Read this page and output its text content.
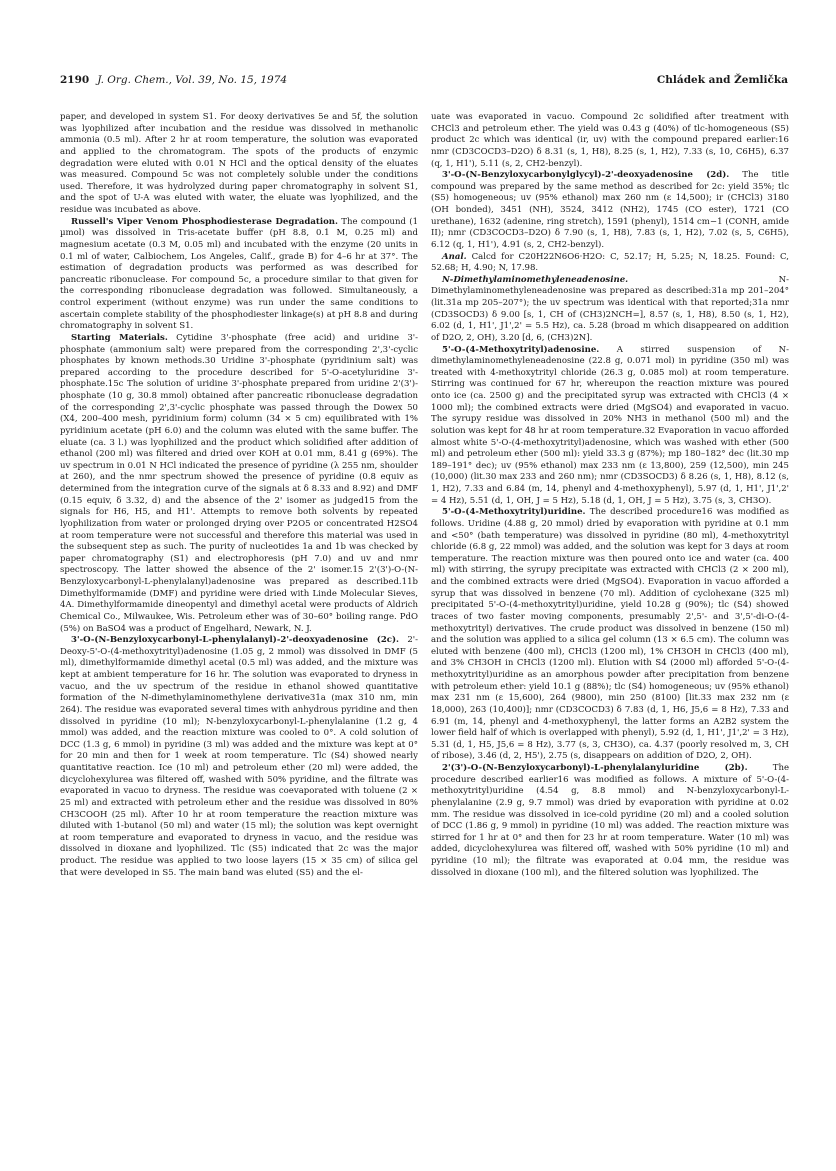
2190 J. Org. Chem., Vol. 39, No. 15, 1974	Chládek and Žemlička

paper, and developed in system S1. For deoxy derivatives 5e and 5f, the solution was lyophilized after incubation and the residue was dissolved in methanolic ammonia (0.5 ml). After 2 hr at room temperature, the solution was evaporated and applied to the chromatogram. The spots of the products of enzymic degradation were eluted with 0.01 N HCl and the optical density of the eluates was measured. Compound 5c was not completely soluble under the conditions used. Therefore, it was hydrolyzed during paper chromatography in solvent S1, and the spot of U-A was eluted with water, the eluate was lyophilized, and the residue was incubated as above.

Russell's Viper Venom Phosphodiesterase Degradation. The compound (1 µmol) was dissolved in Tris-acetate buffer (pH 8.8, 0.1 M, 0.25 ml) and magnesium acetate (0.3 M, 0.05 ml) and incubated with the enzyme (20 units in 0.1 ml of water, Calbiochem, Los Angeles, Calif., grade B) for 4–6 hr at 37°. The estimation of degradation products was performed as was described for pancreatic ribonuclease. For compound 5c, a procedure similar to that given for the corresponding ribonuclease degradation was followed. Simultaneously, a control experiment (without enzyme) was run under the same conditions to ascertain complete stability of the phosphodiester linkage(s) at pH 8.8 and during chromatography in solvent S1.

Starting Materials. Cytidine 3'-phosphate (free acid) and uridine 3'-phosphate (ammonium salt) were prepared from the corresponding 2',3'-cyclic phosphates by known methods.30 Uridine 3'-phosphate (pyridinium salt) was prepared according to the procedure described for 5'-O-acetyluridine 3'-phosphate.15c The solution of uridine 3'-phosphate prepared from uridine 2'(3')-phosphate (10 g, 30.8 mmol) obtained after pancreatic ribonuclease degradation of the corresponding 2',3'-cyclic phosphate was passed through the Dowex 50 (X4, 200–400 mesh, pyridinium form) column (34 × 5 cm) equilibrated with 1% pyridinium acetate (pH 6.0) and the column was eluted with the same buffer. The eluate (ca. 3 l.) was lyophilized and the product which solidified after addition of ethanol (200 ml) was filtered and dried over KOH at 0.01 mm, 8.41 g (69%). The uv spectrum in 0.01 N HCl indicated the presence of pyridine (λ 255 nm, shoulder at 260), and the nmr spectrum showed the presence of pyridine (0.8 equiv as determined from the integration curve of the signals at δ 8.33 and 8.92) and DMF (0.15 equiv, δ 3.32, d) and the absence of the 2' isomer as judged15 from the signals for H6, H5, and H1'. Attempts to remove both solvents by repeated lyophilization from water or prolonged drying over P2O5 or concentrated H2SO4 at room temperature were not successful and therefore this material was used in the subsequent step as such. The purity of nucleotides 1a and 1b was checked by paper chromatography (S1) and electrophoresis (pH 7.0) and uv and nmr spectroscopy. The latter showed the absence of the 2' isomer.15 2'(3')-O-(N-Benzyloxycarbonyl-L-phenylalanyl)adenosine was prepared as described.11b Dimethylformamide (DMF) and pyridine were dried with Linde Molecular Sieves, 4A. Dimethylformamide dineopentyl and dimethyl acetal were products of Aldrich Chemical Co., Milwaukee, Wis. Petroleum ether was of 30–60° boiling range. PdO (5%) on BaSO4 was a product of Engelhard, Newark, N. J.

3'-O-(N-Benzyloxycarbonyl-L-phenylalanyl)-2'-deoxyadenosine (2c). 2'-Deoxy-5'-O-(4-methoxytrityl)adenosine (1.05 g, 2 mmol) was dissolved in DMF (5 ml), dimethylformamide dimethyl acetal (0.5 ml) was added, and the mixture was kept at ambient temperature for 16 hr. The solution was evaporated to dryness in vacuo, and the uv spectrum of the residue in ethanol showed quantitative formation of the N-dimethylaminomethylene derivative31a (max 310 nm, min 264). The residue was evaporated several times with anhydrous pyridine and then dissolved in pyridine (10 ml); N-benzyloxycarbonyl-L-phenylalanine (1.2 g, 4 mmol) was added, and the reaction mixture was cooled to 0°. A cold solution of DCC (1.3 g, 6 mmol) in pyridine (3 ml) was added and the mixture was kept at 0° for 20 min and then for 1 week at room temperature. Tlc (S4) showed nearly quantitative reaction. Ice (10 ml) and petroleum ether (20 ml) were added, the dicyclohexylurea was filtered off, washed with 50% pyridine, and the filtrate was evaporated in vacuo to dryness. The residue was coevaporated with toluene (2 × 25 ml) and extracted with petroleum ether and the residue was dissolved in 80% CH3COOH (25 ml). After 10 hr at room temperature the reaction mixture was diluted with 1-butanol (50 ml) and water (15 ml); the solution was kept overnight at room temperature and evaporated to dryness in vacuo, and the residue was dissolved in dioxane and lyophilized. Tlc (S5) indicated that 2c was the major product. The residue was applied to two loose layers (15 × 35 cm) of silica gel that were developed in S5. The main band was eluted (S5) and the el-

uate was evaporated in vacuo. Compound 2c solidified after treatment with CHCl3 and petroleum ether. The yield was 0.43 g (40%) of tlc-homogeneous (S5) product 2c which was identical (ir, uv) with the compound prepared earlier:16 nmr (CD3COCD3–D2O) δ 8.31 (s, 1, H8), 8.25 (s, 1, H2), 7.33 (s, 10, C6H5), 6.37 (q, 1, H1'), 5.11 (s, 2, CH2-benzyl).

3'-O-(N-Benzyloxycarbonylglycyl)-2'-deoxyadenosine (2d). The title compound was prepared by the same method as described for 2c: yield 35%; tlc (S5) homogeneous; uv (95% ethanol) max 260 nm (ε 14,500); ir (CHCl3) 3180 (OH bonded), 3451 (NH), 3524, 3412 (NH2), 1745 (CO ester), 1721 (CO urethane), 1632 (adenine, ring stretch), 1591 (phenyl), 1514 cm−1 (CONH, amide II); nmr (CD3COCD3–D2O) δ 7.90 (s, 1, H8), 7.83 (s, 1, H2), 7.02 (s, 5, C6H5), 6.12 (q, 1, H1'), 4.91 (s, 2, CH2-benzyl).

Anal. Calcd for C20H22N6O6·H2O: C, 52.17; H, 5.25; N, 18.25. Found: C, 52.68; H, 4.90; N, 17.98.

N-Dimethylaminomethyleneadenosine.	N-Dimethylaminomethyleneadenosine was prepared as described:31a mp 201–204° (lit.31a mp 205–207°); the uv spectrum was identical with that reported;31a nmr (CD3SOCD3) δ 9.00 [s, 1, CH of (CH3)2NCH=], 8.57 (s, 1, H8), 8.50 (s, 1, H2), 6.02 (d, 1, H1', J1',2' = 5.5 Hz), ca. 5.28 (broad m which disappeared on addition of D2O, 2, OH), 3.20 [d, 6, (CH3)2N].

5'-O-(4-Methoxytrityl)adenosine. A stirred suspension of N-dimethylaminomethyleneadenosine (22.8 g, 0.071 mol) in pyridine (350 ml) was treated with 4-methoxytrityl chloride (26.3 g, 0.085 mol) at room temperature. Stirring was continued for 67 hr, whereupon the reaction mixture was poured onto ice (ca. 2500 g) and the precipitated syrup was extracted with CHCl3 (4 × 1000 ml); the combined extracts were dried (MgSO4) and evaporated in vacuo. The syrupy residue was dissolved in 20% NH3 in methanol (500 ml) and the solution was kept for 48 hr at room temperature.32 Evaporation in vacuo afforded almost white 5'-O-(4-methoxytrityl)adenosine, which was washed with ether (500 ml) and petroleum ether (500 ml): yield 33.3 g (87%); mp 180–182° dec (lit.30 mp 189–191° dec); uv (95% ethanol) max 233 nm (ε 13,800), 259 (12,500), min 245 (10,000) (lit.30 max 233 and 260 nm); nmr (CD3SOCD3) δ 8.26 (s, 1, H8), 8.12 (s, 1, H2), 7.33 and 6.84 (m, 14, phenyl and 4-methoxyphenyl), 5.97 (d, 1, H1', J1',2' = 4 Hz), 5.51 (d, 1, OH, J = 5 Hz), 5.18 (d, 1, OH, J = 5 Hz), 3.75 (s, 3, CH3O).

5'-O-(4-Methoxytrityl)uridine. The described procedure16 was modified as follows. Uridine (4.88 g, 20 mmol) dried by evaporation with pyridine at 0.1 mm and <50° (bath temperature) was dissolved in pyridine (80 ml), 4-methoxytrityl chloride (6.8 g, 22 mmol) was added, and the solution was kept for 3 days at room temperature. The reaction mixture was then poured onto ice and water (ca. 400 ml) with stirring, the syrupy precipitate was extracted with CHCl3 (2 × 200 ml), and the combined extracts were dried (MgSO4). Evaporation in vacuo afforded a syrup that was dissolved in benzene (70 ml). Addition of cyclohexane (325 ml) precipitated 5'-O-(4-methoxytrityl)uridine, yield 10.28 g (90%); tlc (S4) showed traces of two faster moving components, presumably 2',5'- and 3',5'-di-O-(4-methoxytrityl) derivatives. The crude product was dissolved in benzene (150 ml) and the solution was applied to a silica gel column (13 × 6.5 cm). The column was eluted with benzene (400 ml), CHCl3 (1200 ml), 1% CH3OH in CHCl3 (400 ml), and 3% CH3OH in CHCl3 (1200 ml). Elution with S4 (2000 ml) afforded 5'-O-(4-methoxytrityl)uridine as an amorphous powder after precipitation from benzene with petroleum ether: yield 10.1 g (88%); tlc (S4) homogeneous; uv (95% ethanol) max 231 nm (ε 15,600), 264 (9800), min 250 (8100) [lit.33 max 232 nm (ε 18,000), 263 (10,400)]; nmr (CD3COCD3) δ 7.83 (d, 1, H6, J5,6 = 8 Hz), 7.33 and 6.91 (m, 14, phenyl and 4-methoxyphenyl, the latter forms an A2B2 system the lower field half of which is overlapped with phenyl), 5.92 (d, 1, H1', J1',2' = 3 Hz), 5.31 (d, 1, H5, J5,6 = 8 Hz), 3.77 (s, 3, CH3O), ca. 4.37 (poorly resolved m, 3, CH of ribose), 3.46 (d, 2, H5'), 2.75 (s, disappears on addition of D2O, 2, OH).

2'(3')-O-(N-Benzyloxycarbonyl)-L-phenylalanyluridine (2b).	The procedure described earlier16 was modified as follows. A mixture of 5'-O-(4-methoxytrityl)uridine (4.54 g, 8.8 mmol) and N-benzyloxycarbonyl-L-phenylalanine (2.9 g, 9.7 mmol) was dried by evaporation with pyridine at 0.02 mm. The residue was dissolved in ice-cold pyridine (20 ml) and a cooled solution of DCC (1.86 g, 9 mmol) in pyridine (10 ml) was added. The reaction mixture was stirred for 1 hr at 0° and then for 23 hr at room temperature. Water (10 ml) was added, dicyclohexylurea was filtered off, washed with 50% pyridine (10 ml) and pyridine (10 ml); the filtrate was evaporated at 0.04 mm, the residue was dissolved in dioxane (100 ml), and the filtered solution was lyophilized. The
